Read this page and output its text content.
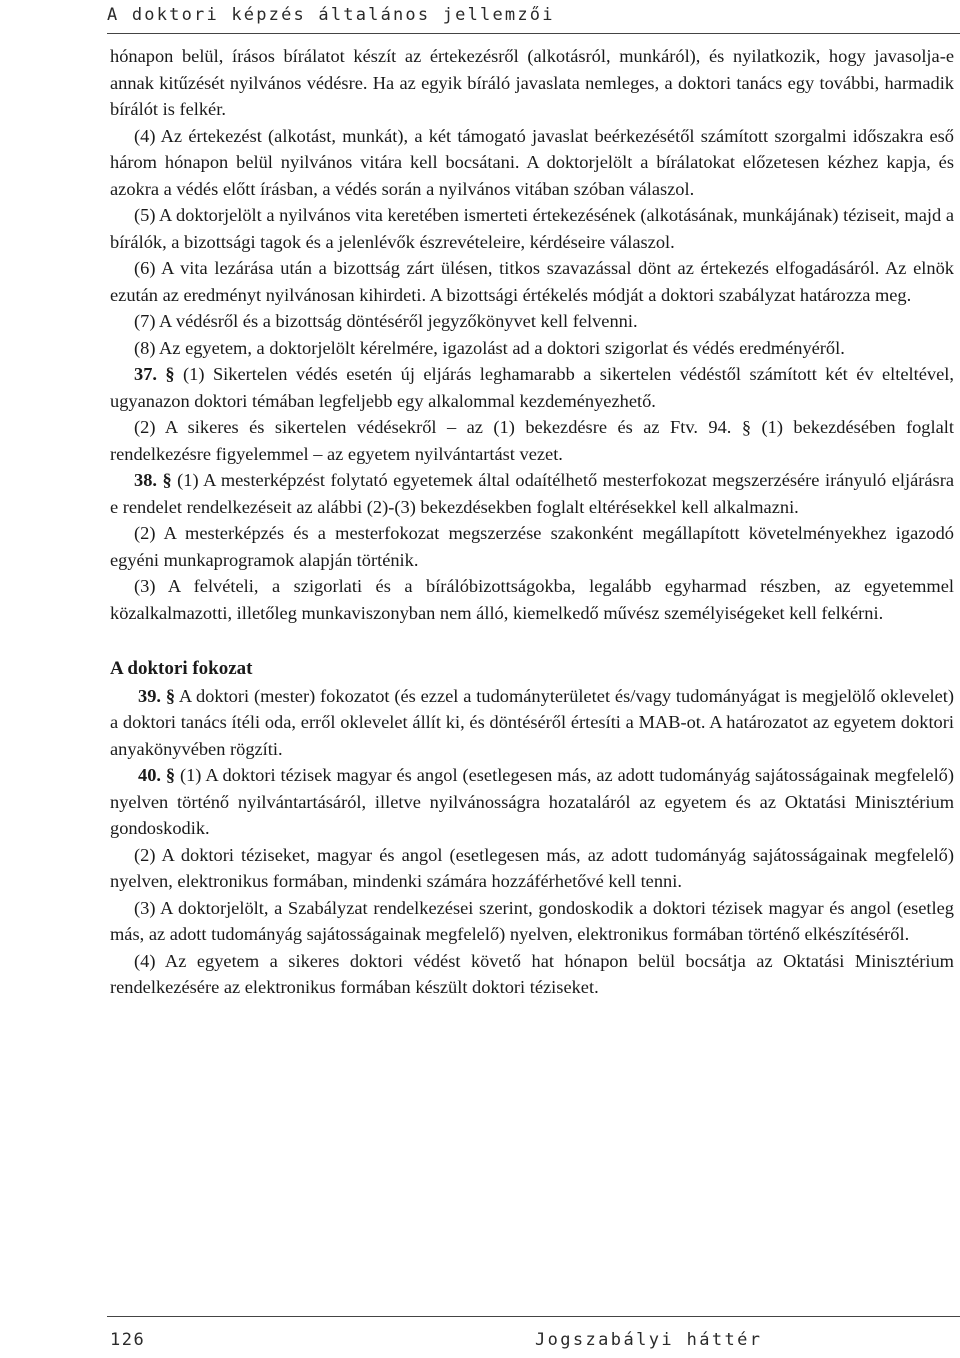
A doktori képzés általános jellemzői

hónapon belül, írásos bírálatot készít az értekezésről (alkotásról, munkáról), és nyilatkozik, hogy javasolja-e annak kitűzését nyilvános védésre. Ha az egyik bíráló javaslata nemleges, a doktori tanács egy további, harmadik bírálót is felkér.

(4) Az értekezést (alkotást, munkát), a két támogató javaslat beérkezésétől számított szorgalmi időszakra eső három hónapon belül nyilvános vitára kell bocsátani. A doktorjelölt a bírálatokat előzetesen kézhez kapja, és azokra a védés előtt írásban, a védés során a nyilvános vitában szóban válaszol.

(5) A doktorjelölt a nyilvános vita keretében ismerteti értekezésének (alkotásának, munkájának) téziseit, majd a bírálók, a bizottsági tagok és a jelenlévők észrevételeire, kérdéseire válaszol.

(6) A vita lezárása után a bizottság zárt ülésen, titkos szavazással dönt az értekezés elfogadásáról. Az elnök ezután az eredményt nyilvánosan kihirdeti. A bizottsági értékelés módját a doktori szabályzat határozza meg.

(7) A védésről és a bizottság döntéséről jegyzőkönyvet kell felvenni.

(8) Az egyetem, a doktorjelölt kérelmére, igazolást ad a doktori szigorlat és védés eredményéről.

37. § (1) Sikertelen védés esetén új eljárás leghamarabb a sikertelen védéstől számított két év elteltével, ugyanazon doktori témában legfeljebb egy alkalommal kezdeményezhető.

(2) A sikeres és sikertelen védésekről – az (1) bekezdésre és az Ftv. 94. § (1) bekezdésében foglalt rendelkezésre figyelemmel – az egyetem nyilvántartást vezet.

38. § (1) A mesterképzést folytató egyetemek által odaítélhető mesterfokozat megszerzésére irányuló eljárásra e rendelet rendelkezéseit az alábbi (2)-(3) bekezdésekben foglalt eltérésekkel kell alkalmazni.

(2) A mesterképzés és a mesterfokozat megszerzése szakonként megállapított követelményekhez igazodó egyéni munkaprogramok alapján történik.

(3) A felvételi, a szigorlati és a bírálóbizottságokba, legalább egyharmad részben, az egyetemmel közalkalmazotti, illetőleg munkaviszonyban nem álló, kiemelkedő művész személyiségeket kell felkérni.

A doktori fokozat

39. § A doktori (mester) fokozatot (és ezzel a tudományterületet és/vagy tudományágat is megjelölő oklevelet) a doktori tanács ítéli oda, erről oklevelet állít ki, és döntéséről értesíti a MAB-ot. A határozatot az egyetem doktori anyakönyvében rögzíti.

40. § (1) A doktori tézisek magyar és angol (esetlegesen más, az adott tudományág sajátosságainak megfelelő) nyelven történő nyilvántartásáról, illetve nyilvánosságra hozataláról az egyetem és az Oktatási Minisztérium gondoskodik.

(2) A doktori téziseket, magyar és angol (esetlegesen más, az adott tudományág sajátosságainak megfelelő) nyelven, elektronikus formában, mindenki számára hozzáférhetővé kell tenni.

(3) A doktorjelölt, a Szabályzat rendelkezései szerint, gondoskodik a doktori tézisek magyar és angol (esetleg más, az adott tudományág sajátosságainak megfelelő) nyelven, elektronikus formában történő elkészítéséről.

(4) Az egyetem a sikeres doktori védést követő hat hónapon belül bocsátja az Oktatási Minisztérium rendelkezésére az elektronikus formában készült doktori téziseket.

126	Jogszabályi háttér
